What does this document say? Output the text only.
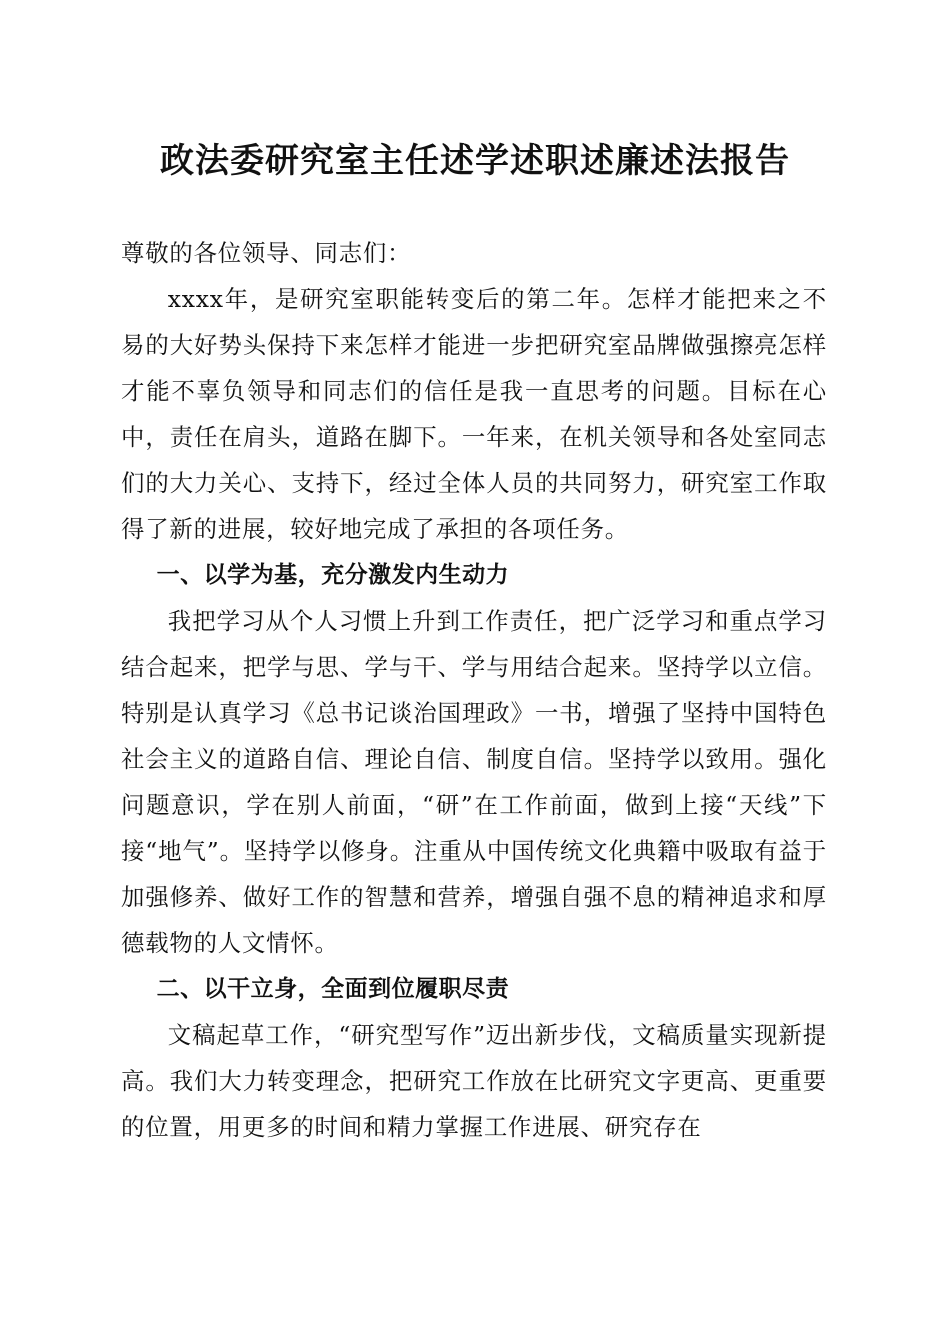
政法委研究室主任述学述职述廉述法报告

尊敬的各位领导、同志们：

xxxx年，是研究室职能转变后的第二年。怎样才能把来之不易的大好势头保持下来怎样才能进一步把研究室品牌做强擦亮怎样才能不辜负领导和同志们的信任是我一直思考的问题。目标在心中，责任在肩头，道路在脚下。一年来，在机关领导和各处室同志们的大力关心、支持下，经过全体人员的共同努力，研究室工作取得了新的进展，较好地完成了承担的各项任务。

一、以学为基，充分激发内生动力

我把学习从个人习惯上升到工作责任，把广泛学习和重点学习结合起来，把学与思、学与干、学与用结合起来。坚持学以立信。特别是认真学习《总书记谈治国理政》一书，增强了坚持中国特色社会主义的道路自信、理论自信、制度自信。坚持学以致用。强化问题意识，学在别人前面，“研”在工作前面，做到上接“天线”下接“地气”。坚持学以修身。注重从中国传统文化典籍中吸取有益于加强修养、做好工作的智慧和营养，增强自强不息的精神追求和厚德载物的人文情怀。

二、以干立身，全面到位履职尽责

文稿起草工作，“研究型写作”迈出新步伐，文稿质量实现新提高。我们大力转变理念，把研究工作放在比研究文字更高、更重要的位置，用更多的时间和精力掌握工作进展、研究存在
